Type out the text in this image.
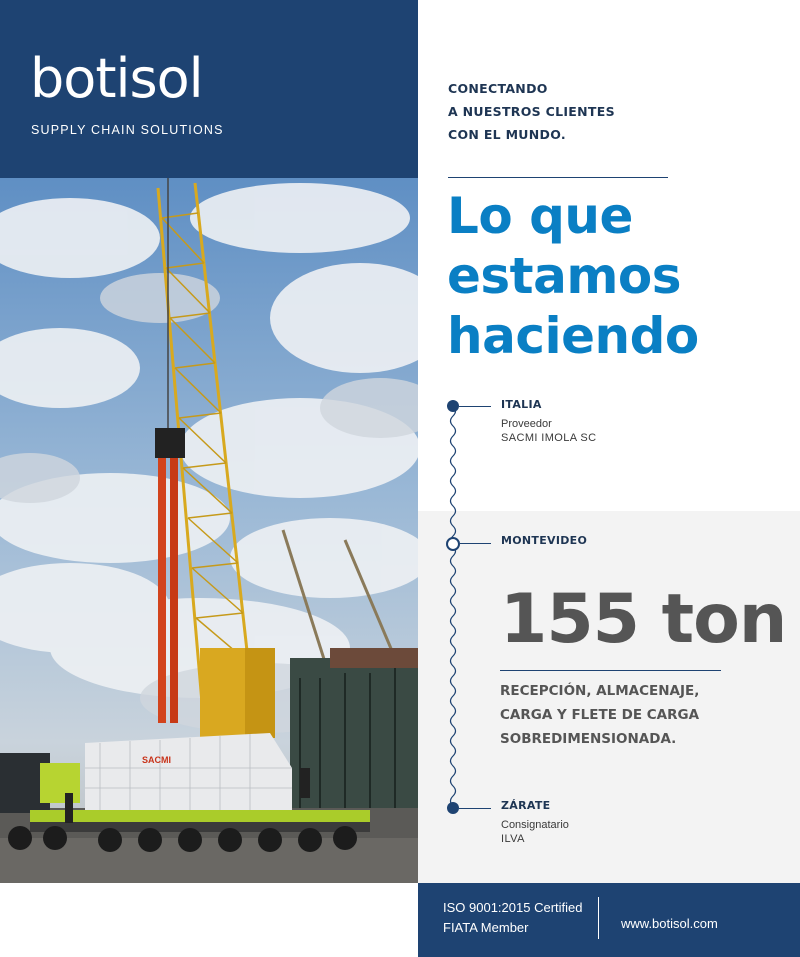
botisol
SUPPLY CHAIN SOLUTIONS
SACMI
CONECTANDO
A NUESTROS CLIENTES
CON EL MUNDO.
Lo que
estamos
haciendo
ITALIA
Proveedor
SACMI IMOLA SC
MONTEVIDEO
155 ton
RECEPCIÓN, ALMACENAJE,
CARGA Y FLETE DE CARGA
SOBREDIMENSIONADA.
ZÁRATE
Consignatario
ILVA
ISO 9001:2015 Certified
FIATA Member	www.botisol.com
